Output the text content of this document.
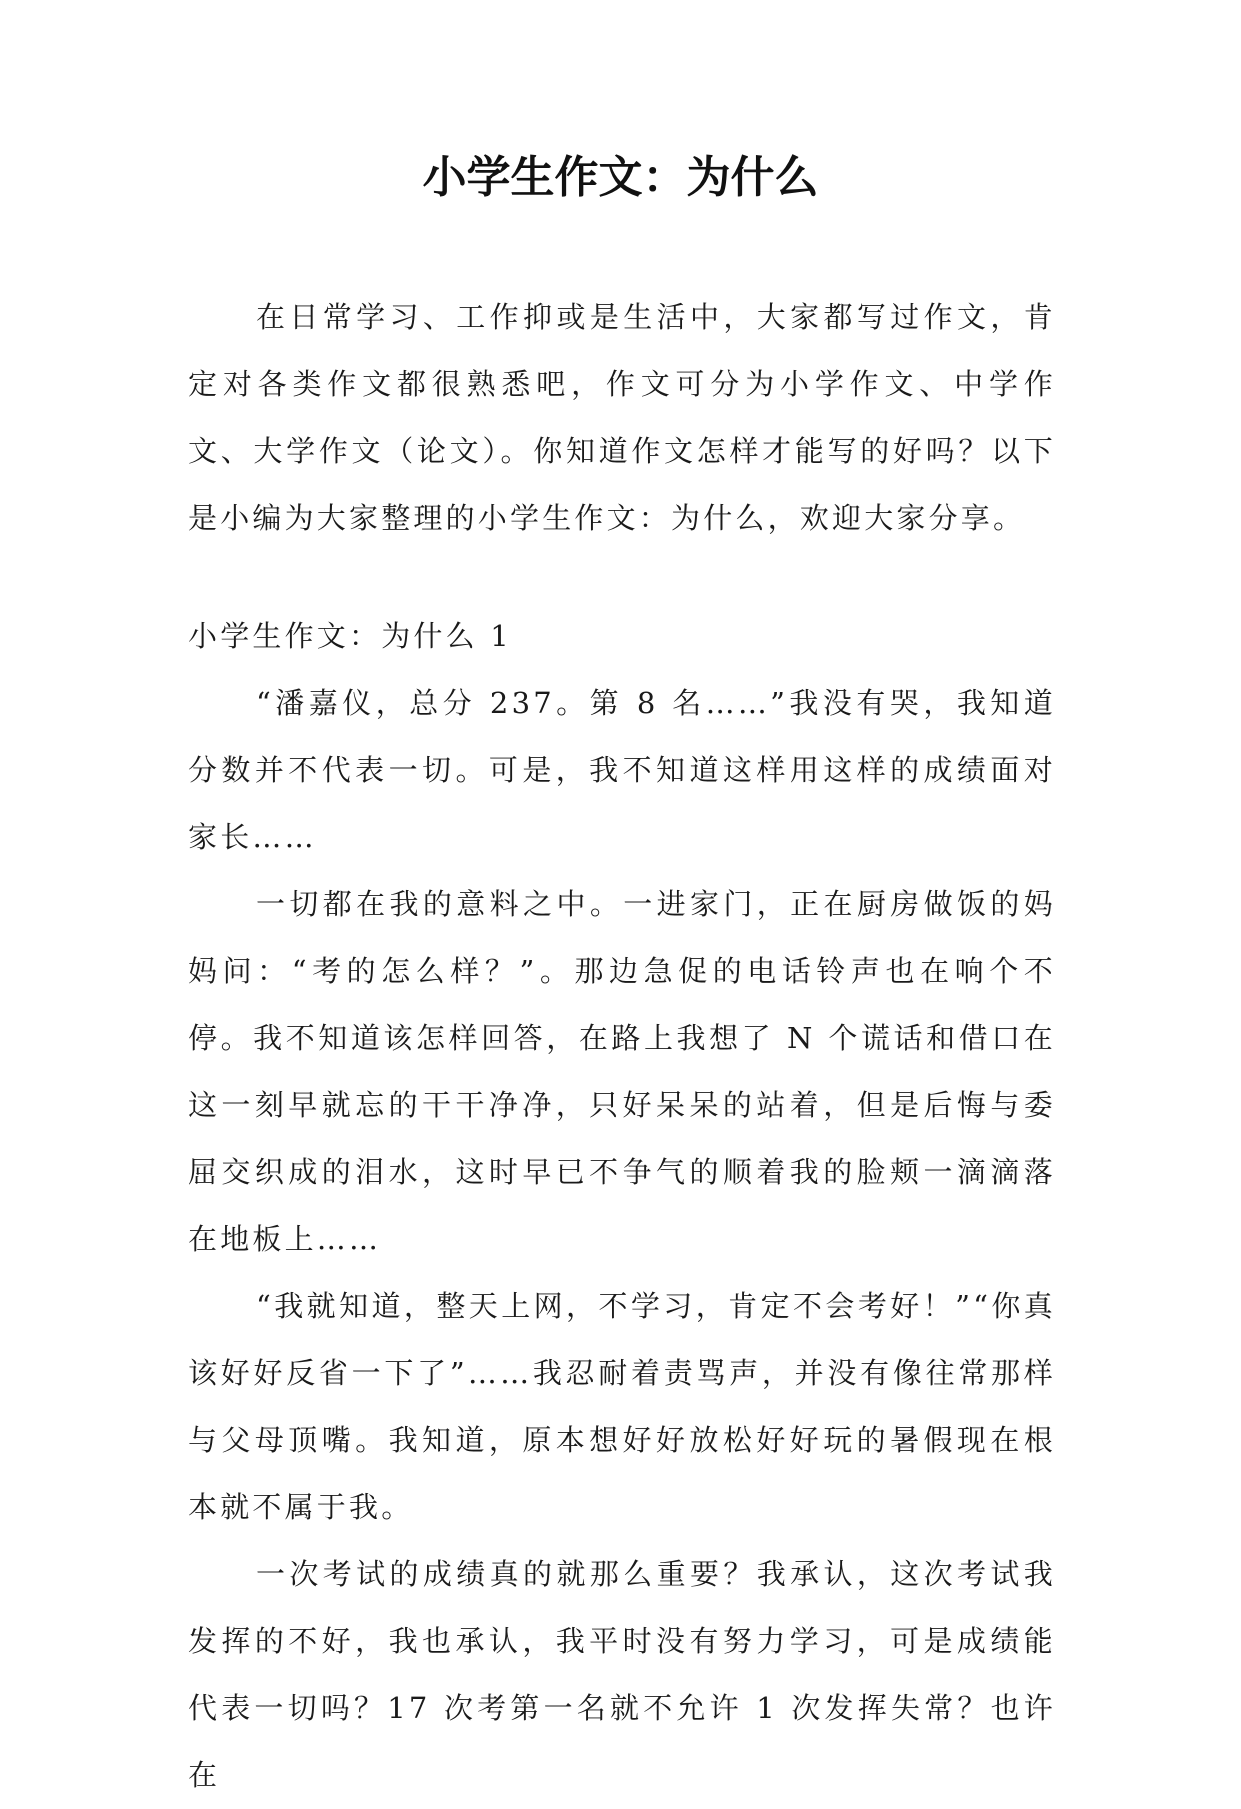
小学生作文：为什么

在日常学习、工作抑或是生活中，大家都写过作文，肯定对各类作文都很熟悉吧，作文可分为小学作文、中学作文、大学作文（论文）。你知道作文怎样才能写的好吗？以下是小编为大家整理的小学生作文：为什么，欢迎大家分享。

小学生作文：为什么 1

“潘嘉仪，总分 237。第 8 名……”我没有哭，我知道分数并不代表一切。可是，我不知道这样用这样的成绩面对家长……

一切都在我的意料之中。一进家门，正在厨房做饭的妈妈问：“考的怎么样？”。那边急促的电话铃声也在响个不停。我不知道该怎样回答，在路上我想了 N 个谎话和借口在这一刻早就忘的干干净净，只好呆呆的站着，但是后悔与委屈交织成的泪水，这时早已不争气的顺着我的脸颊一滴滴落在地板上……

“我就知道，整天上网，不学习，肯定不会考好！”“你真该好好反省一下了”……我忍耐着责骂声，并没有像往常那样与父母顶嘴。我知道，原本想好好放松好好玩的暑假现在根本就不属于我。

一次考试的成绩真的就那么重要？我承认，这次考试我发挥的不好，我也承认，我平时没有努力学习，可是成绩能代表一切吗？17 次考第一名就不允许 1 次发挥失常？也许在
